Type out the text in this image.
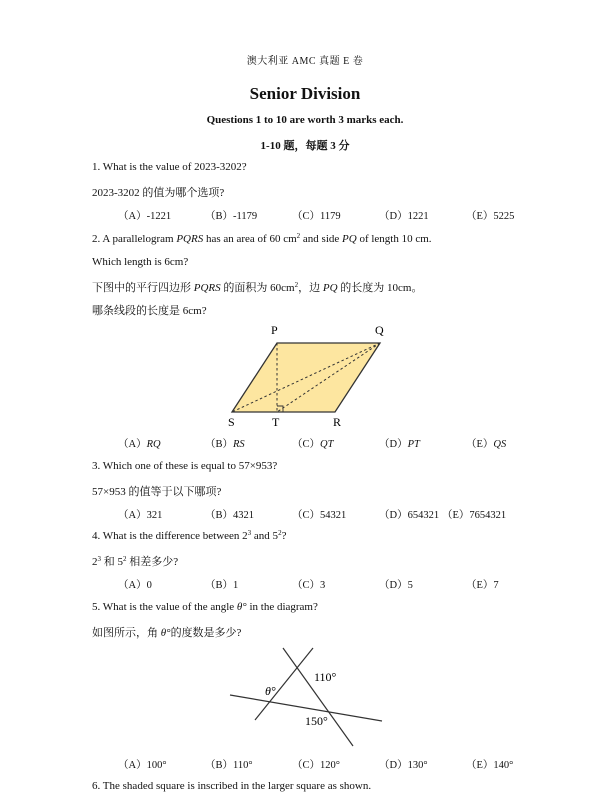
澳大利亚 AMC 真题 E 卷
Senior Division
Questions 1 to 10 are worth 3 marks each.
1-10 题，每题 3 分
1. What is the value of 2023-3202?
2023-3202 的值为哪个选项?
（A）-1221	（B）-1179	（C）1179	（D）1221	（E）5225
2. A parallelogram PQRS has an area of 60 $cm^2$ and side PQ of length 10 cm.
Which length is 6cm?
下图中的平行四边形 PQRS 的面积为 $60cm^2$，边 PQ 的长度为 10cm。
哪条线段的长度是 6cm?
P	Q
S	T	R
（A）RQ	（B）RS	（C）QT	（D）PT	（E）QS
3. Which one of these is equal to 57×953?
57×953 的值等于以下哪项?
（A）321	（B）4321	（C）54321	（D）654321 （E）7654321
4. What is the difference between $2^3$ and $5^2$?
$2^3$ 和 $5^2$ 相差多少?
（A）0	（B）1	（C）3	（D）5	（E）7
5. What is the value of the angle θ° in the diagram?
如图所示，角 θ°的度数是多少?
110°
θ°
150°
（A）100°	（B）110°	（C）120°	（D）130°	（E）140°
6. The shaded square is inscribed in the larger square as shown.
